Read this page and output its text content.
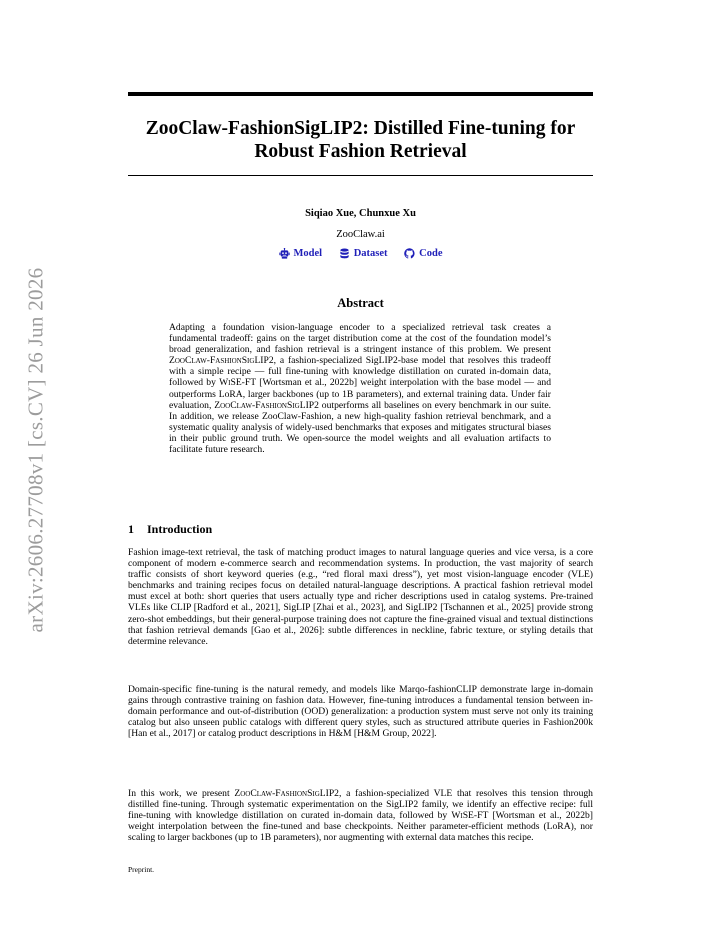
arXiv:2606.27708v1 [cs.CV] 26 Jun 2026
ZooClaw-FashionSigLIP2: Distilled Fine-tuning for
Robust Fashion Retrieval
Siqiao Xue, Chunxue Xu
ZooClaw.ai
Model
	Dataset
	Code
Abstract
Adapting a foundation vision-language encoder to a specialized retrieval task creates a fundamental tradeoff: gains on the target distribution come at the cost of the foundation model’s broad generalization, and fashion retrieval is a stringent instance of this problem. We present ZooClaw-FashionSigLIP2, a fashion-specialized SigLIP2-base model that resolves this tradeoff with a simple recipe — full fine-tuning with knowledge distillation on curated in-domain data, followed by WiSE-FT [Wortsman et al., 2022b] weight interpolation with the base model — and outperforms LoRA, larger backbones (up to 1B parameters), and external training data. Under fair evaluation, ZooClaw-FashionSigLIP2 outperforms all baselines on every benchmark in our suite. In addition, we release ZooClaw-Fashion, a new high-quality fashion retrieval benchmark, and a systematic quality analysis of widely-used benchmarks that exposes and mitigates structural biases in their public ground truth. We open-source the model weights and all evaluation artifacts to facilitate future research.
1 Introduction
Fashion image-text retrieval, the task of matching product images to natural language queries and vice versa, is a core component of modern e-commerce search and recommendation systems. In production, the vast majority of search traffic consists of short keyword queries (e.g., “red floral maxi dress”), yet most vision-language encoder (VLE) benchmarks and training recipes focus on detailed natural-language descriptions. A practical fashion retrieval model must excel at both: short queries that users actually type and richer descriptions used in catalog systems. Pre-trained VLEs like CLIP [Radford et al., 2021], SigLIP [Zhai et al., 2023], and SigLIP2 [Tschannen et al., 2025] provide strong zero-shot embeddings, but their general-purpose training does not capture the fine-grained visual and textual distinctions that fashion retrieval demands [Gao et al., 2026]: subtle differences in neckline, fabric texture, or styling details that determine relevance.
Domain-specific fine-tuning is the natural remedy, and models like Marqo-fashionCLIP demonstrate large in-domain gains through contrastive training on fashion data. However, fine-tuning introduces a fundamental tension between in-domain performance and out-of-distribution (OOD) generalization: a production system must serve not only its training catalog but also unseen public catalogs with different query styles, such as structured attribute queries in Fashion200k [Han et al., 2017] or catalog product descriptions in H&M [H&M Group, 2022].
In this work, we present ZooClaw-FashionSigLIP2, a fashion-specialized VLE that resolves this tension through distilled fine-tuning. Through systematic experimentation on the SigLIP2 family, we identify an effective recipe: full fine-tuning with knowledge distillation on curated in-domain data, followed by WiSE-FT [Wortsman et al., 2022b] weight interpolation between the fine-tuned and base checkpoints. Neither parameter-efficient methods (LoRA), nor scaling to larger backbones (up to 1B parameters), nor augmenting with external data matches this recipe.
Preprint.
